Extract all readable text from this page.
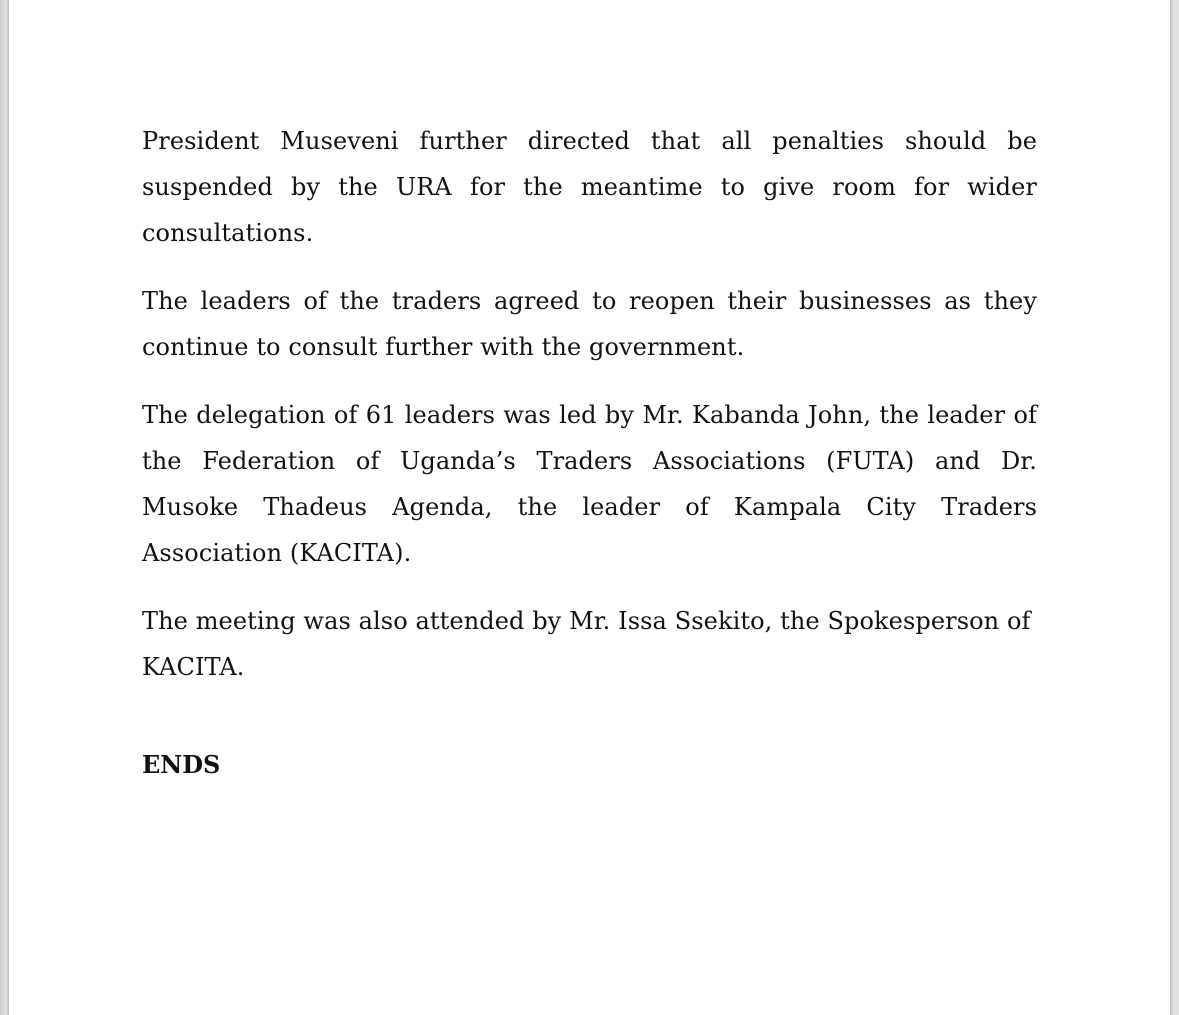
President Museveni further directed that all penalties should be suspended by the URA for the meantime to give room for wider consultations.

The leaders of the traders agreed to reopen their businesses as they continue to consult further with the government.

The delegation of 61 leaders was led by Mr. Kabanda John, the leader of the Federation of Uganda’s Traders Associations (FUTA) and Dr. Musoke Thadeus Agenda, the leader of Kampala City Traders Association (KACITA).

The meeting was also attended by Mr. Issa Ssekito, the Spokesperson of KACITA.

ENDS
